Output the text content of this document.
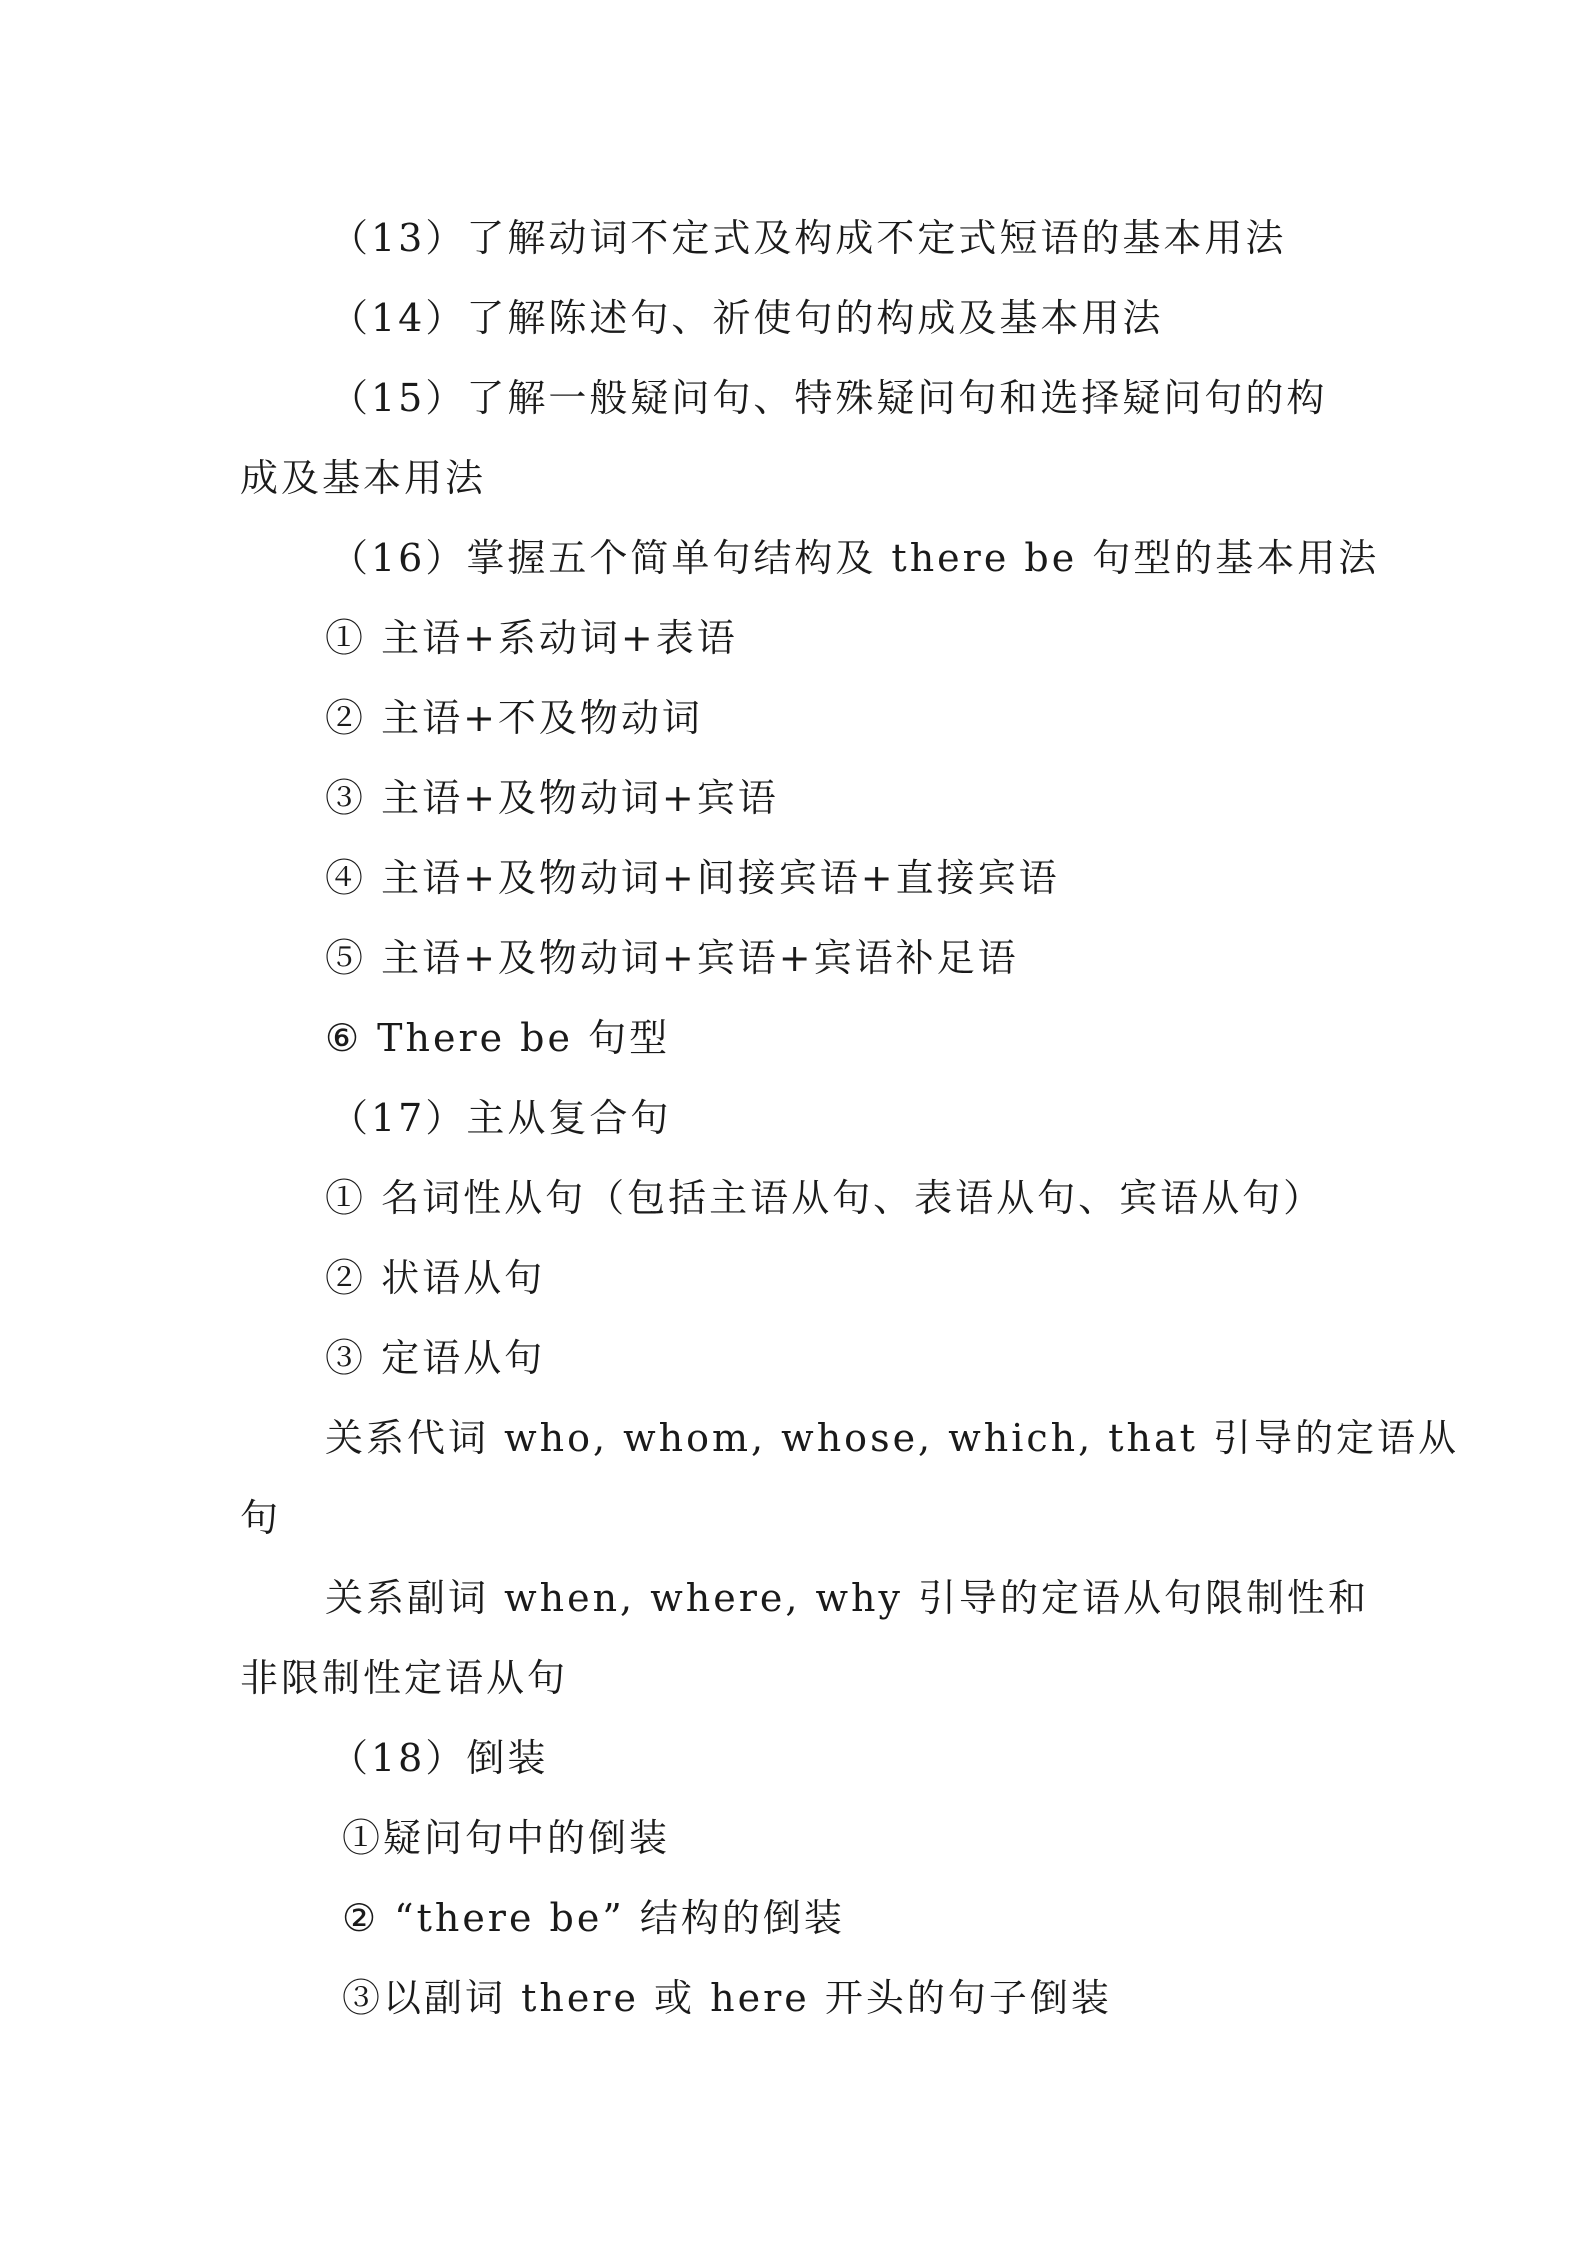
（13）了解动词不定式及构成不定式短语的基本用法
（14）了解陈述句、祈使句的构成及基本用法
（15）了解一般疑问句、特殊疑问句和选择疑问句的构
成及基本用法
（16）掌握五个简单句结构及 there be 句型的基本用法
① 主语+系动词+表语
② 主语+不及物动词
③ 主语+及物动词+宾语
④ 主语+及物动词+间接宾语+直接宾语
⑤ 主语+及物动词+宾语+宾语补足语
⑥ There be 句型
（17）主从复合句
① 名词性从句（包括主语从句、表语从句、宾语从句）
② 状语从句
③ 定语从句
关系代词 who, whom, whose, which, that 引导的定语从
句
关系副词 when, where, why 引导的定语从句限制性和
非限制性定语从句
（18）倒装
①疑问句中的倒装
② “there be” 结构的倒装
③以副词 there 或 here 开头的句子倒装
